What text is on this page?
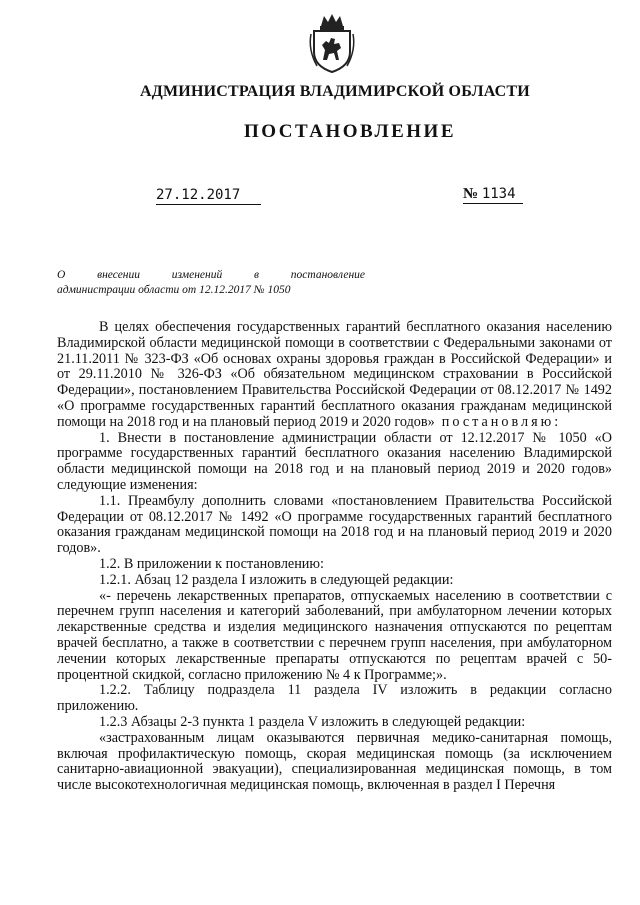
АДМИНИСТРАЦИЯ ВЛАДИМИРСКОЙ ОБЛАСТИ
ПОСТАНОВЛЕНИЕ
27.12.2017	№ 1134
О внесении изменений в постановление
администрации области от 12.12.2017 № 1050

В целях обеспечения государственных гарантий бесплатного оказания населению Владимирской области медицинской помощи в соответствии с Федеральными законами от 21.11.2011 № 323-ФЗ «Об основах охраны здоровья граждан в Российской Федерации» и от 29.11.2010 № 326-ФЗ «Об обязательном медицинском страховании в Российской Федерации», постановлением Правительства Российской Федерации от 08.12.2017 № 1492 «О программе государственных гарантий бесплатного оказания гражданам медицинской помощи на 2018 год и на плановый период 2019 и 2020 годов» постановляю:

1. Внести в постановление администрации области от 12.12.2017 № 1050 «О программе государственных гарантий бесплатного оказания населению Владимирской области медицинской помощи на 2018 год и на плановый период 2019 и 2020 годов» следующие изменения:

1.1. Преамбулу дополнить словами «постановлением Правительства Российской Федерации от 08.12.2017 № 1492 «О программе государственных гарантий бесплатного оказания гражданам медицинской помощи на 2018 год и на плановый период 2019 и 2020 годов».

1.2. В приложении к постановлению:

1.2.1. Абзац 12 раздела I изложить в следующей редакции:

«- перечень лекарственных препаратов, отпускаемых населению в соответствии с перечнем групп населения и категорий заболеваний, при амбулаторном лечении которых лекарственные средства и изделия медицинского назначения отпускаются по рецептам врачей бесплатно, а также в соответствии с перечнем групп населения, при амбулаторном лечении которых лекарственные препараты отпускаются по рецептам врачей с 50-процентной скидкой, согласно приложению № 4 к Программе;».

1.2.2. Таблицу подраздела 11 раздела IV изложить в редакции согласно приложению.

1.2.3 Абзацы 2-3 пункта 1 раздела V изложить в следующей редакции:

«застрахованным лицам оказываются первичная медико-санитарная помощь, включая профилактическую помощь, скорая медицинская помощь (за исключением санитарно-авиационной эвакуации), специализированная медицинская помощь, в том числе высокотехнологичная медицинская помощь, включенная в раздел I Перечня
